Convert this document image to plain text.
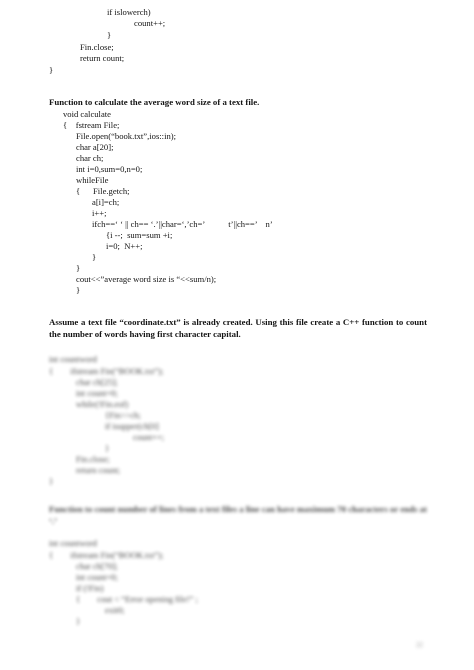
if islowerch)
count++;
}
Fin.close;
return count;
}
Function to calculate the average word size of a text file.
void calculate
{    fstream File;
File.open(“book.txt”,ios::in);
char a[20];
char ch;
int i=0,sum=0,n=0;
whileFile
{      File.getch;
a[i]=ch;
i++;
ifch==‘ ‘ || ch== ‘.’||char=‘,’ch=’           t’||ch==’    n’
{i --;  sum=sum +i;
i=0;  N++;
}
}
cout<<”average word size is “<<sum/n);
}
Assume a text file “coordinate.txt” is already created. Using this file create a C++ function to count the number of words having first character capital.
int countword
{        ifstream Fin(“BOOK.txt”);
char ch[25];
int count=0;
while(!Fin.eof)
{Fin>>ch;
if isupper(ch[0]
count++;
}
Fin.close;
return count;
}
Function to count number of lines from a text files a line can have maximum 70 characters or ends at ‘.’
int countword
{        ifstream Fin(“BOOK.txt”);
char ch[70];
int count=0;
if (!Fin)
{        cout < “Error opening file!” ;
exit0;
}
22
